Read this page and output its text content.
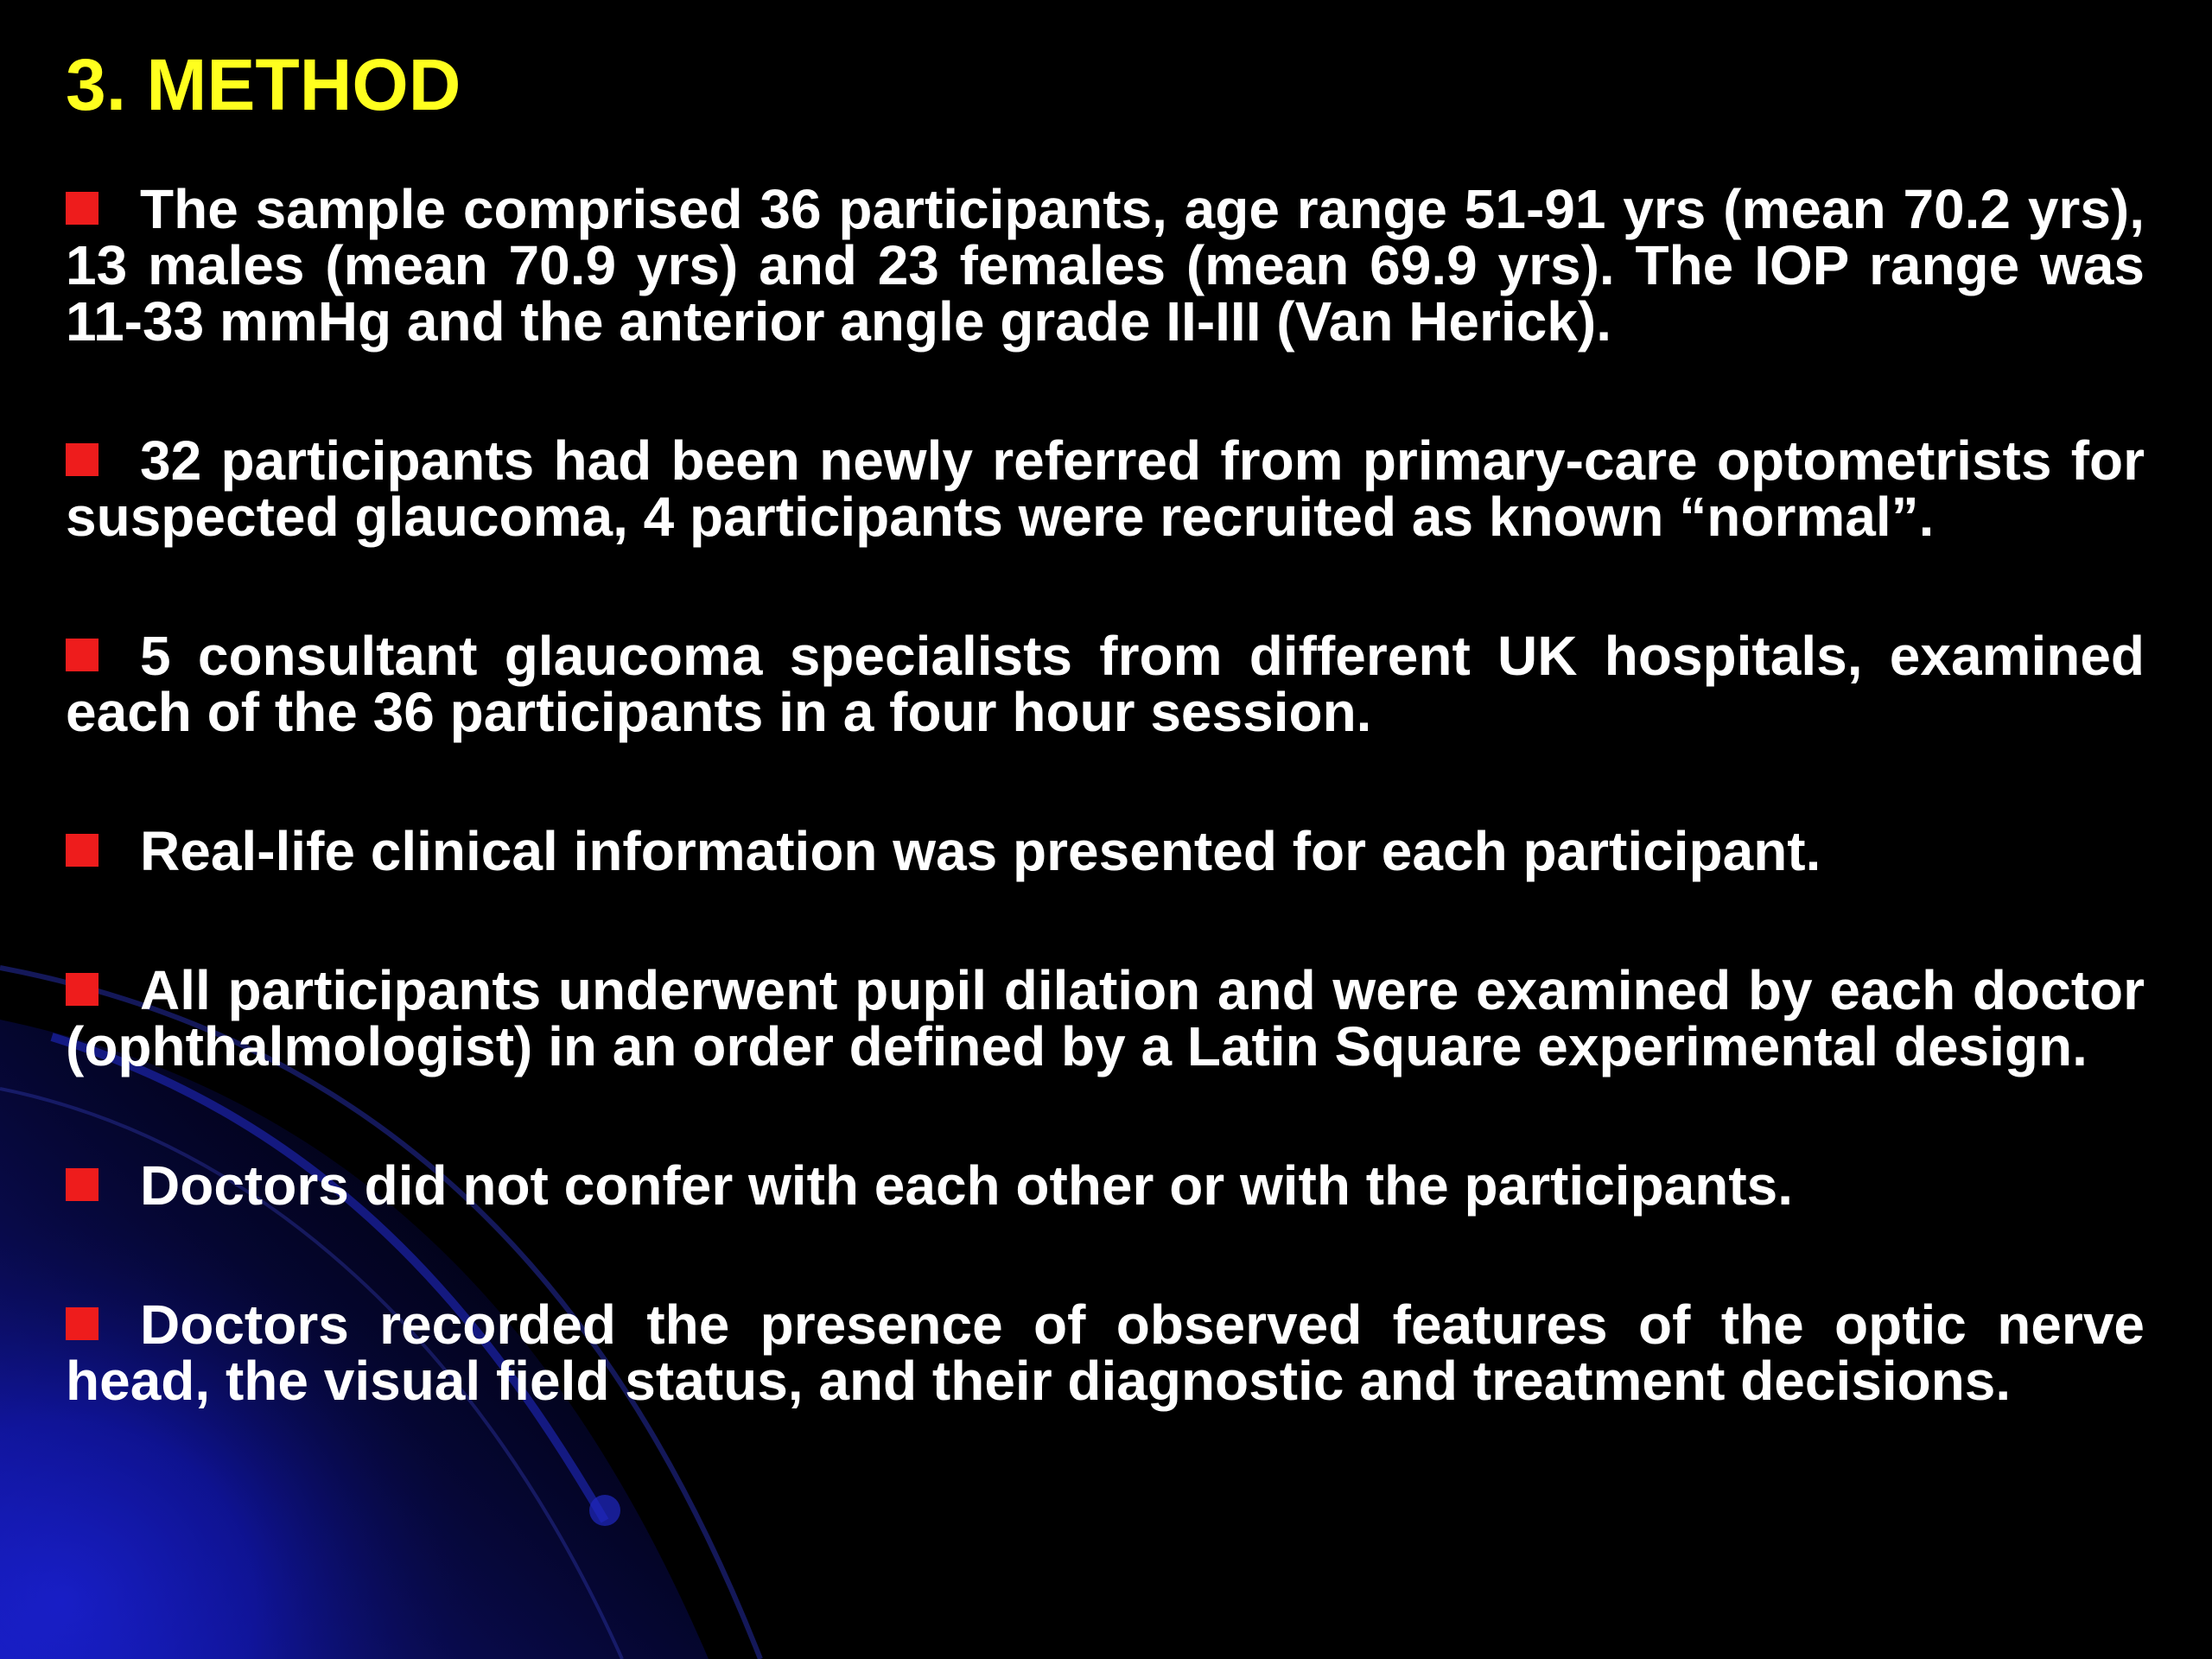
3. METHOD
The sample comprised 36 participants, age range 51-91 yrs (mean 70.2 yrs), 13 males (mean 70.9 yrs) and 23 females (mean 69.9 yrs). The IOP range was 11-33 mmHg and the anterior angle grade II-III (Van Herick).
32 participants had been newly referred from primary-care optometrists for suspected glaucoma, 4 participants were recruited as known “normal”.
5 consultant glaucoma specialists from different UK hospitals, examined each of the 36 participants in a four hour session.
Real-life clinical information was presented for each participant.
All participants underwent pupil dilation and were examined by each doctor (ophthalmologist) in an order defined by a Latin Square experimental design.
Doctors did not confer with each other or with the participants.
Doctors recorded the presence of observed features of the optic nerve head, the visual field status, and their diagnostic and treatment decisions.
